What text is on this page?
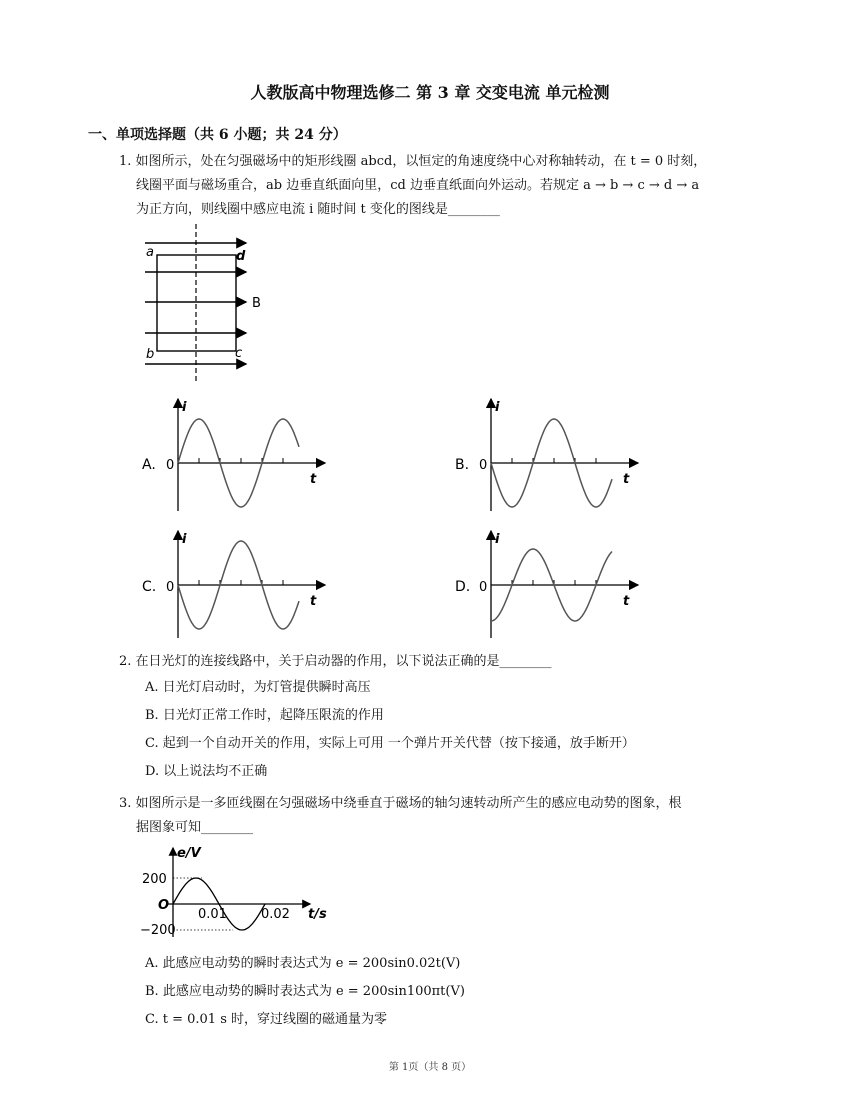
人教版高中物理选修二 第 3 章 交变电流 单元检测
一、单项选择题（共 6 小题；共 24 分）
1. 如图所示，处在匀强磁场中的矩形线圈 abcd，以恒定的角速度绕中心对称轴转动，在 t = 0 时刻，
线圈平面与磁场重合，ab 边垂直纸面向里，cd 边垂直纸面向外运动。若规定 a → b → c → d → a
为正方向，则线圈中感应电流 i 随时间 t 变化的图线是________
a	d
b	c
B
A.
i
0
t
B.
i
0
t
C.
i
0
t
D.
i
0
t
2. 在日光灯的连接线路中，关于启动器的作用，以下说法正确的是________
A. 日光灯启动时，为灯管提供瞬时高压
B. 日光灯正常工作时，起降压限流的作用
C. 起到一个自动开关的作用，实际上可用 一个弹片开关代替（按下接通，放手断开）
D. 以上说法均不正确
3. 如图所示是一多匝线圈在匀强磁场中绕垂直于磁场的轴匀速转动所产生的感应电动势的图象，根
据图象可知________
e/V
200
O
−200
0.01	0.02 t/s
A. 此感应电动势的瞬时表达式为 e = 200sin0.02t(V)
B. 此感应电动势的瞬时表达式为 e = 200sin100πt(V)
C. t = 0.01 s 时，穿过线圈的磁通量为零
第 1页（共 8 页）
